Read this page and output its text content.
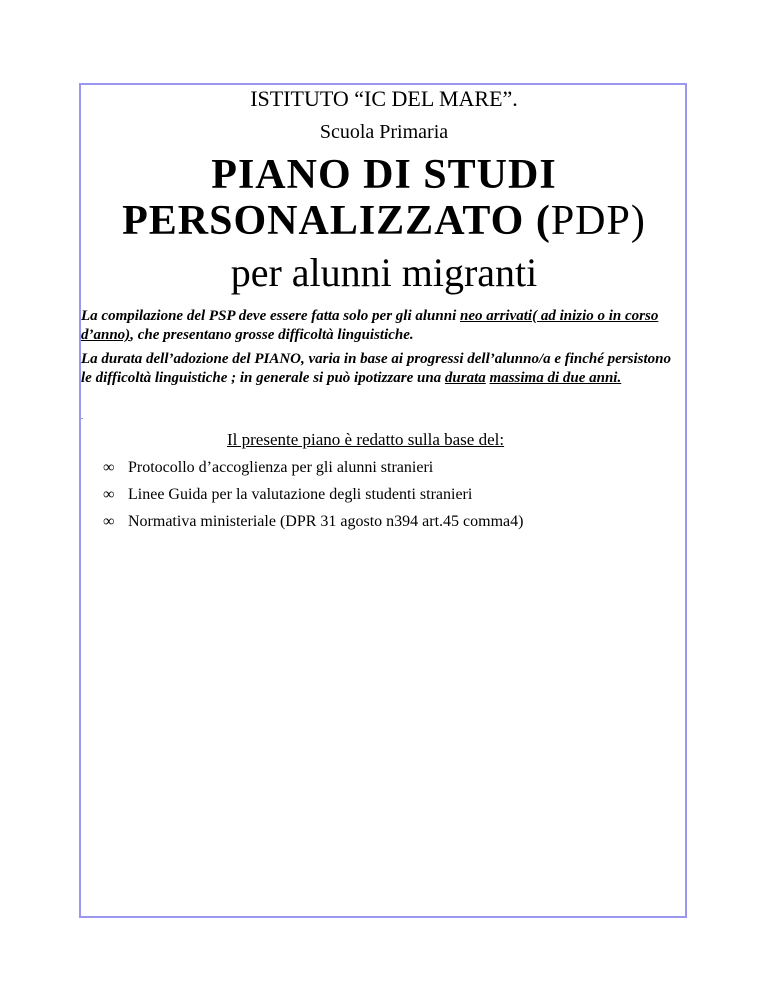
ISTITUTO “IC DEL MARE”.
Scuola Primaria
PIANO DI STUDI
PERSONALIZZATO (PDP)
per alunni migranti
La compilazione del PSP deve essere fatta solo per gli alunni neo arrivati( ad inizio o in corso d’anno), che presentano grosse difficoltà linguistiche.
La durata dell’adozione del PIANO, varia in base ai progressi dell’alunno/a e finché persistono le difficoltà linguistiche ; in generale si può ipotizzare una durata massima di due anni.
.
Il presente piano è redatto sulla base del:
∞ Protocollo d’accoglienza per gli alunni stranieri
∞ Linee Guida per la valutazione degli studenti stranieri
∞ Normativa ministeriale (DPR 31 agosto n394 art.45 comma4)
